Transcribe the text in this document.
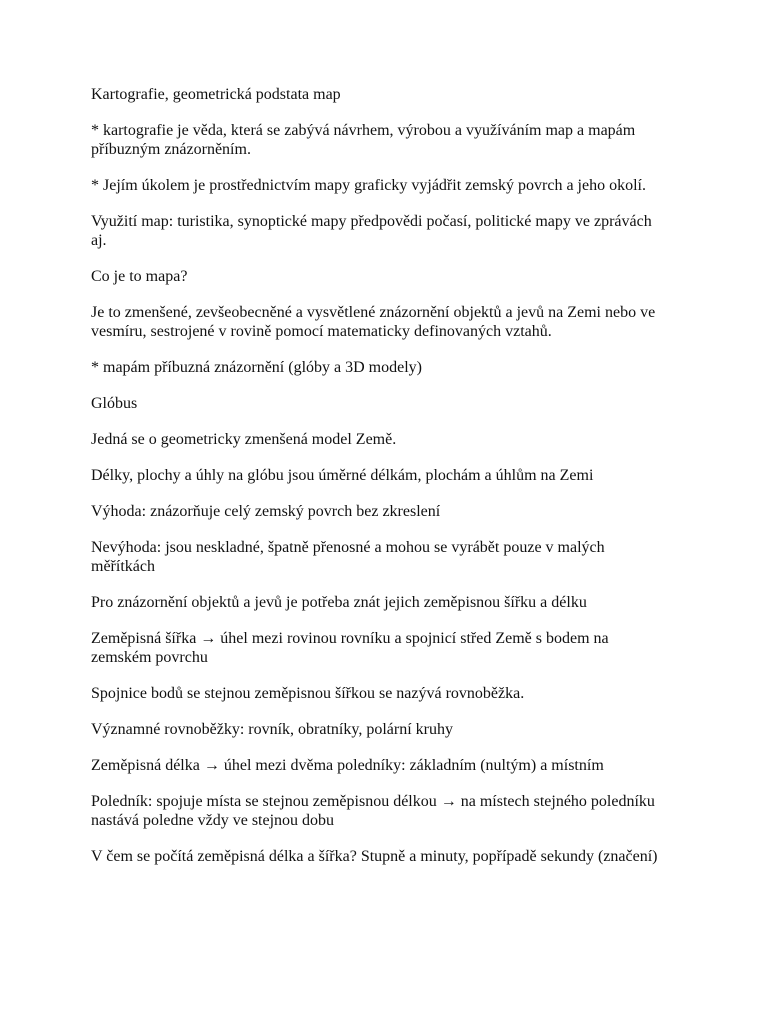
Kartografie, geometrická podstata map

* kartografie je věda, která se zabývá návrhem, výrobou a využíváním map a mapám příbuzným znázorněním.

* Jejím úkolem je prostřednictvím mapy graficky vyjádřit zemský povrch a jeho okolí.

Využití map: turistika, synoptické mapy předpovědi počasí, politické mapy ve zprávách aj.

Co je to mapa?

Je to zmenšené, zevšeobecněné a vysvětlené znázornění objektů a jevů na Zemi nebo ve vesmíru, sestrojené v rovině pomocí matematicky definovaných vztahů.

* mapám příbuzná znázornění (glóby a 3D modely)

Glóbus

Jedná se o geometricky zmenšená model Země.

Délky, plochy a úhly na glóbu jsou úměrné délkám, plochám a úhlům na Zemi

Výhoda: znázorňuje celý zemský povrch bez zkreslení

Nevýhoda: jsou neskladné, špatně přenosné a mohou se vyrábět pouze v malých měřítkách

Pro znázornění objektů a jevů je potřeba znát jejich zeměpisnou šířku a délku

Zeměpisná šířka → úhel mezi rovinou rovníku a spojnicí střed Země s bodem na zemském povrchu

Spojnice bodů se stejnou zeměpisnou šířkou se nazývá rovnoběžka.

Významné rovnoběžky: rovník, obratníky, polární kruhy

Zeměpisná délka → úhel mezi dvěma poledníky: základním (nultým) a místním

Poledník: spojuje místa se stejnou zeměpisnou délkou → na místech stejného poledníku nastává poledne vždy ve stejnou dobu

V čem se počítá zeměpisná délka a šířka? Stupně a minuty, popřípadě sekundy (značení)
